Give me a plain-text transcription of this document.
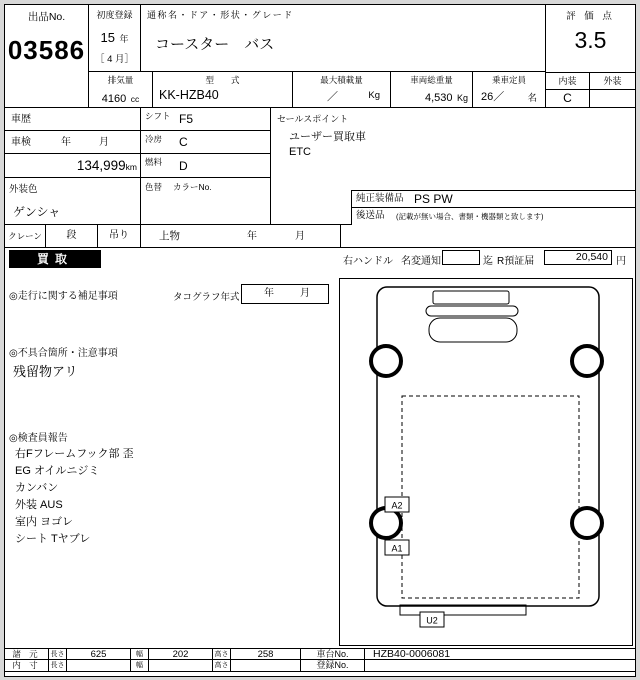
出品No.
03586
初度登録
15 年
［ 4 月］
通称名・ドア・形状・グレード
コースター　バス
評 価 点
3.5
内装	外装
C
排気量
4160 cc
型　　式
KK-HZB40
最大積載量
／	Kg
車両総重量
4,530 Kg
乗車定員
26／ 名
車歴
車検	年	月
134,999km
外装色
ゲンシャ
クレーン	段	吊り
シフト F5
冷房 C
燃料 D
色替 カラーNo.
上物	年	月
セールスポイント
ユーザー買取車
ETC
純正装備品 PS PW
後送品 (記載が無い場合、書類・機器類と致します)
買取	右ハンドル 名変通知	迄 R預証届	20,540 円
◎走行に関する補足事項	タコグラフ年式 年	月
◎不具合箇所・注意事項
残留物アリ
◎検査員報告
右Fフレームフック部 歪
EG オイルニジミ
カンバン
外装 AUS
室内 ヨゴレ
シート Tヤブレ
A2
A1
U2
諸 元	長さ	625	幅	202	高さ	258	車台No.	HZB40-0006081
内 寸	長さ	幅	高さ	登録No.
